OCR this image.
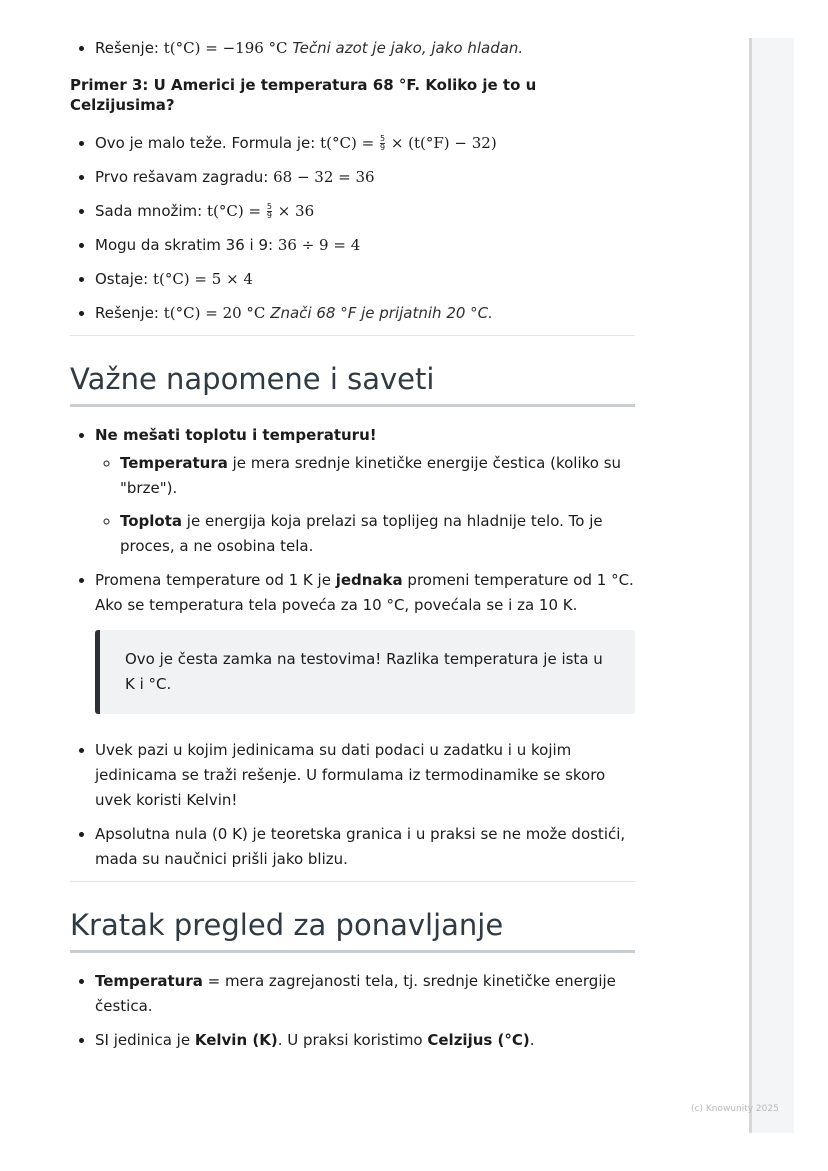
• Rešenje: t(°C) = −196 °C Tečni azot je jako, jako hladan.
Primer 3: U Americi je temperatura 68 °F. Koliko je to u Celzijusima?
• Ovo je malo teže. Formula je: $t(^\circ C) = \frac{5}{9} \times (t(^\circ F) - 32)$
• Prvo rešavam zagradu: 68 − 32 = 36
• Sada množim: $t(^\circ C) = \frac{5}{9} \times 36$
• Mogu da skratim 36 i 9: 36 ÷ 9 = 4
• Ostaje: t(°C) = 5 × 4
• Rešenje: t(°C) = 20 °C Znači 68 °F je prijatnih 20 °C.
Važne napomene i saveti
• Ne mešati toplotu i temperaturu!
◦ Temperatura je mera srednje kinetičke energije čestica (koliko su "brze").
◦ Toplota je energija koja prelazi sa toplijeg na hladnije telo. To je proces, a ne osobina tela.
• Promena temperature od 1 K je jednaka promeni temperature od 1 °C. Ako se temperatura tela poveća za 10 °C, povećala se i za 10 K.
Ovo je česta zamka na testovima! Razlika temperatura je ista u K i °C.
• Uvek pazi u kojim jedinicama su dati podaci u zadatku i u kojim jedinicama se traži rešenje. U formulama iz termodinamike se skoro uvek koristi Kelvin!
• Apsolutna nula (0 K) je teoretska granica i u praksi se ne može dostići, mada su naučnici prišli jako blizu.
Kratak pregled za ponavljanje
• Temperatura = mera zagrejanosti tela, tj. srednje kinetičke energije čestica.
• SI jedinica je Kelvin (K). U praksi koristimo Celzijus (°C).
(c) Knowunity 2025
